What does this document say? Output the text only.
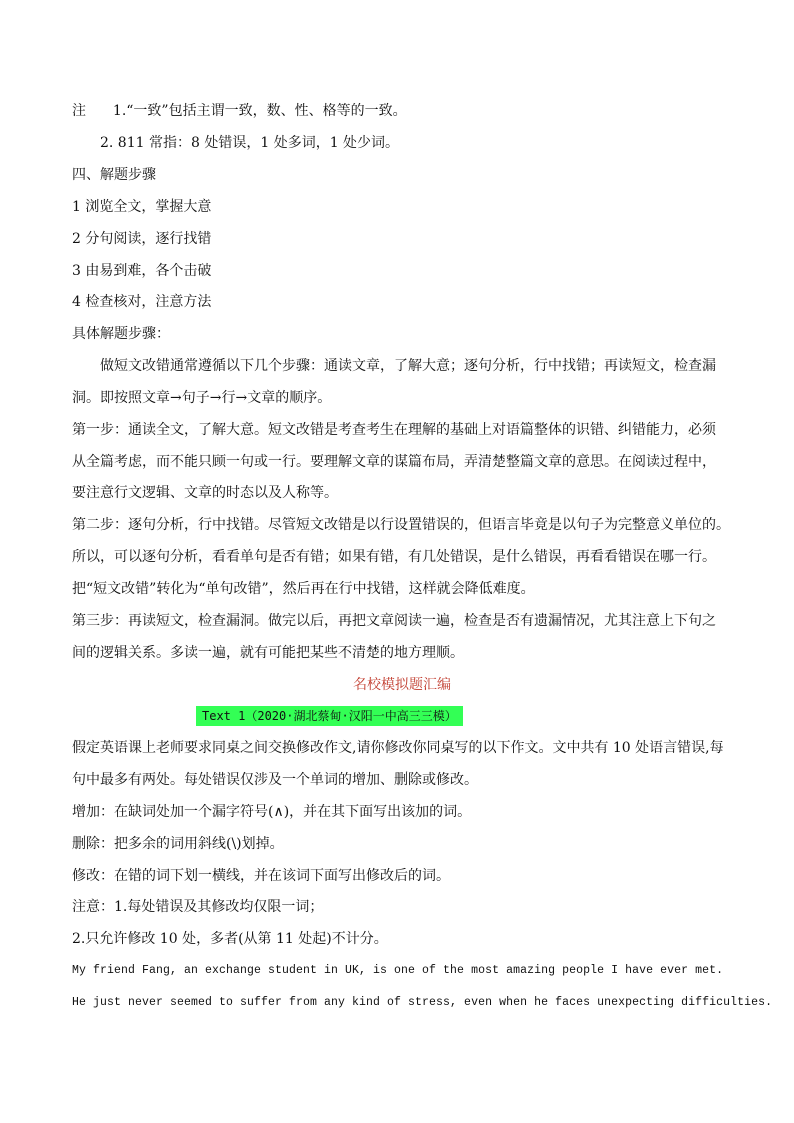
注 1.“一致”包括主谓一致，数、性、格等的一致。
2. 811 常指：8 处错误，1 处多词，1 处少词。
四、解题步骤
1 浏览全文，掌握大意
2 分句阅读，逐行找错
3 由易到难，各个击破
4 检查核对，注意方法
具体解题步骤：
做短文改错通常遵循以下几个步骤：通读文章，了解大意；逐句分析，行中找错；再读短文，检查漏
洞。即按照文章→句子→行→文章的顺序。
第一步：通读全文，了解大意。短文改错是考查考生在理解的基础上对语篇整体的识错、纠错能力，必须
从全篇考虑，而不能只顾一句或一行。要理解文章的谋篇布局，弄清楚整篇文章的意思。在阅读过程中，
要注意行文逻辑、文章的时态以及人称等。
第二步：逐句分析，行中找错。尽管短文改错是以行设置错误的，但语言毕竟是以句子为完整意义单位的。
所以，可以逐句分析，看看单句是否有错；如果有错，有几处错误，是什么错误，再看看错误在哪一行。
把“短文改错”转化为“单句改错”，然后再在行中找错，这样就会降低难度。
第三步：再读短文，检查漏洞。做完以后，再把文章阅读一遍，检查是否有遗漏情况，尤其注意上下句之
间的逻辑关系。多读一遍，就有可能把某些不清楚的地方理顺。
名校模拟题汇编
Text 1（2020·湖北蔡甸·汉阳一中高三三模）
假定英语课上老师要求同桌之间交换修改作文,请你修改你同桌写的以下作文。文中共有 10 处语言错误,每
句中最多有两处。每处错误仅涉及一个单词的增加、删除或修改。
增加：在缺词处加一个漏字符号(∧)，并在其下面写出该加的词。
删除：把多余的词用斜线(\)划掉。
修改：在错的词下划一横线，并在该词下面写出修改后的词。
注意：1.每处错误及其修改均仅限一词；
2.只允许修改 10 处，多者(从第 11 处起)不计分。
My friend Fang, an exchange student in UK, is one of the most amazing people I have ever met.
He just never seemed to suffer from any kind of stress, even when he faces unexpecting difficulties.
